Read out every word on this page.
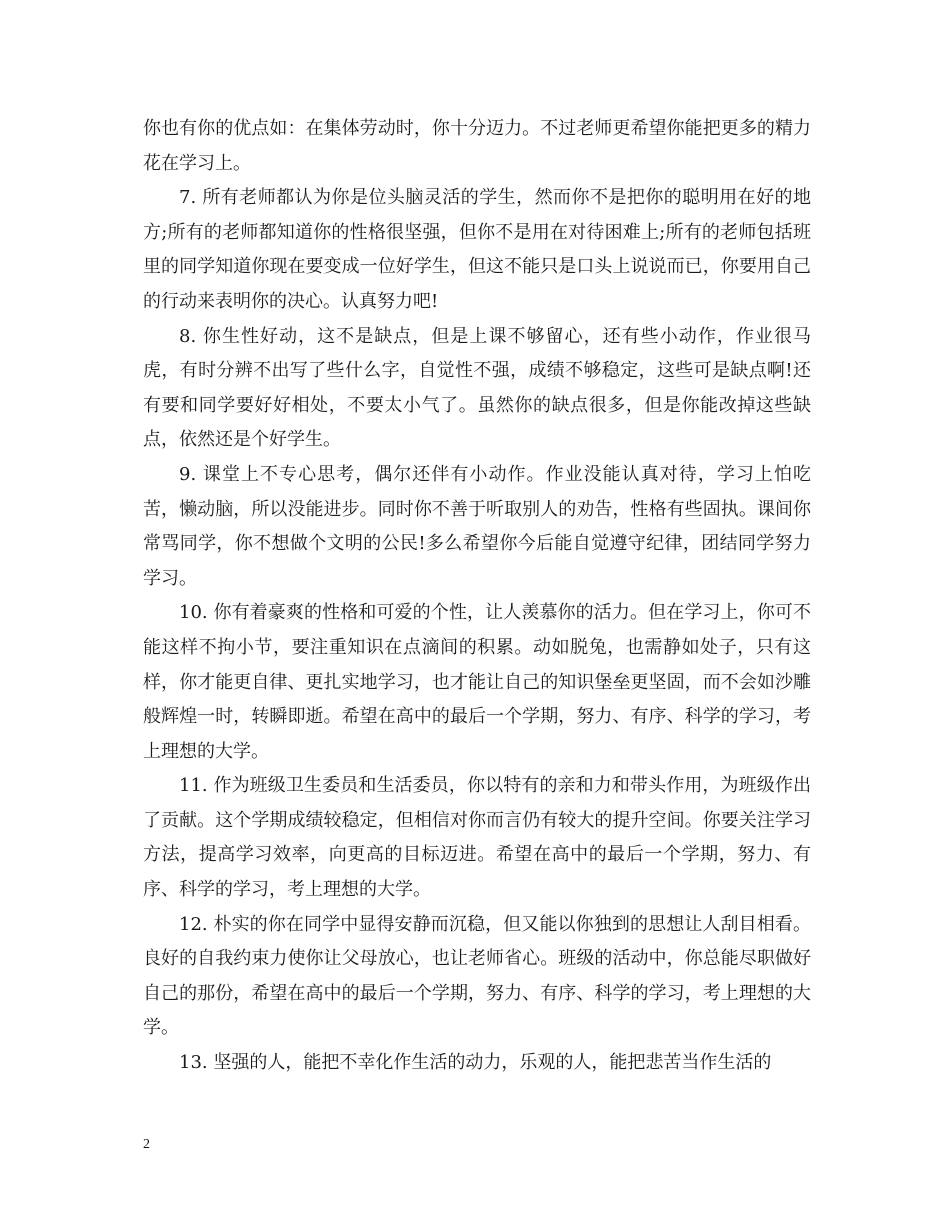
你也有你的优点如：在集体劳动时，你十分迈力。不过老师更希望你能把更多的精力花在学习上。

7. 所有老师都认为你是位头脑灵活的学生，然而你不是把你的聪明用在好的地方;所有的老师都知道你的性格很坚强，但你不是用在对待困难上;所有的老师包括班里的同学知道你现在要变成一位好学生，但这不能只是口头上说说而已，你要用自己的行动来表明你的决心。认真努力吧!

8. 你生性好动，这不是缺点，但是上课不够留心，还有些小动作，作业很马虎，有时分辨不出写了些什么字，自觉性不强，成绩不够稳定，这些可是缺点啊!还有要和同学要好好相处，不要太小气了。虽然你的缺点很多，但是你能改掉这些缺点，依然还是个好学生。

9. 课堂上不专心思考，偶尔还伴有小动作。作业没能认真对待，学习上怕吃苦，懒动脑，所以没能进步。同时你不善于听取别人的劝告，性格有些固执。课间你常骂同学，你不想做个文明的公民!多么希望你今后能自觉遵守纪律，团结同学努力学习。

10. 你有着豪爽的性格和可爱的个性，让人羡慕你的活力。但在学习上，你可不能这样不拘小节，要注重知识在点滴间的积累。动如脱兔，也需静如处子，只有这样，你才能更自律、更扎实地学习，也才能让自己的知识堡垒更坚固，而不会如沙雕般辉煌一时，转瞬即逝。希望在高中的最后一个学期，努力、有序、科学的学习，考上理想的大学。

11. 作为班级卫生委员和生活委员，你以特有的亲和力和带头作用，为班级作出了贡献。这个学期成绩较稳定，但相信对你而言仍有较大的提升空间。你要关注学习方法，提高学习效率，向更高的目标迈进。希望在高中的最后一个学期，努力、有序、科学的学习，考上理想的大学。

12. 朴实的你在同学中显得安静而沉稳，但又能以你独到的思想让人刮目相看。良好的自我约束力使你让父母放心，也让老师省心。班级的活动中，你总能尽职做好自己的那份，希望在高中的最后一个学期，努力、有序、科学的学习，考上理想的大学。

13. 坚强的人，能把不幸化作生活的动力，乐观的人，能把悲苦当作生活的

2
